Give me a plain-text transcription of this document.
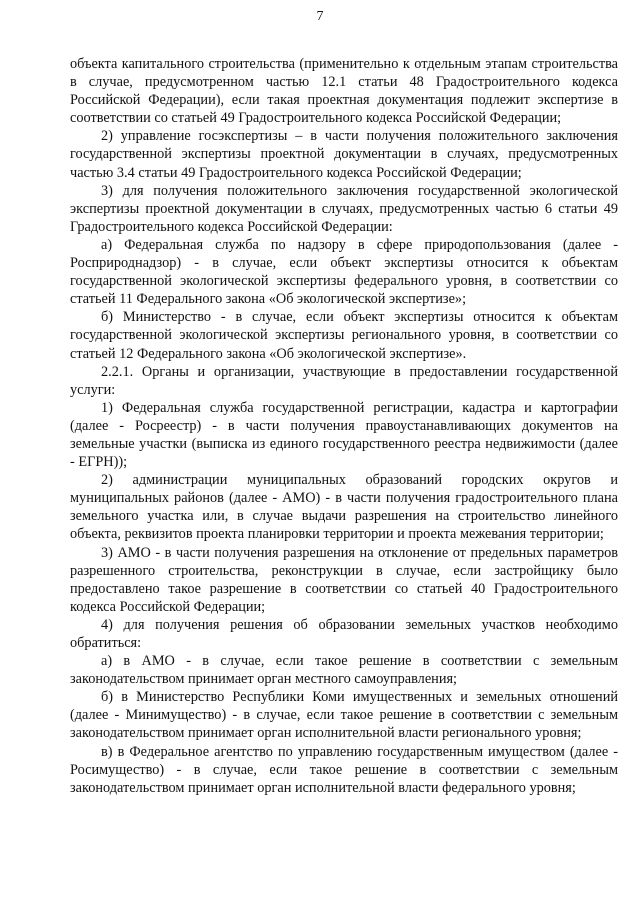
7

объекта капитального строительства (применительно к отдельным этапам строительства в случае, предусмотренном частью 12.1 статьи 48 Градостроительного кодекса Российской Федерации), если такая проектная документация подлежит экспертизе в соответствии со статьей 49 Градостроительного кодекса Российской Федерации;

2) управление госэкспертизы – в части получения положительного заключения государственной экспертизы проектной документации в случаях, предусмотренных частью 3.4 статьи 49 Градостроительного кодекса Российской Федерации;

3) для получения положительного заключения государственной экологической экспертизы проектной документации в случаях, предусмотренных частью 6 статьи 49 Градостроительного кодекса Российской Федерации:

а) Федеральная служба по надзору в сфере природопользования (далее - Росприроднадзор) - в случае, если объект экспертизы относится к объектам государственной экологической экспертизы федерального уровня, в соответствии со статьей 11 Федерального закона «Об экологической экспертизе»;

б) Министерство - в случае, если объект экспертизы относится к объектам государственной экологической экспертизы регионального уровня, в соответствии со статьей 12 Федерального закона «Об экологической экспертизе».

2.2.1. Органы и организации, участвующие в предоставлении государственной услуги:

1) Федеральная служба государственной регистрации, кадастра и картографии (далее - Росреестр) - в части получения правоустанавливающих документов на земельные участки (выписка из единого государственного реестра недвижимости (далее - ЕГРН));

2) администрации муниципальных образований городских округов и муниципальных районов (далее - АМО) - в части получения градостроительного плана земельного участка или, в случае выдачи разрешения на строительство линейного объекта, реквизитов проекта планировки территории и проекта межевания территории;

3) АМО - в части получения разрешения на отклонение от предельных параметров разрешенного строительства, реконструкции в случае, если застройщику было предоставлено такое разрешение в соответствии со статьей 40 Градостроительного кодекса Российской Федерации;

4) для получения решения об образовании земельных участков необходимо обратиться:

а) в АМО - в случае, если такое решение в соответствии с земельным законодательством принимает орган местного самоуправления;

б) в Министерство Республики Коми имущественных и земельных отношений (далее - Минимущество) - в случае, если такое решение в соответствии с земельным законодательством принимает орган исполнительной власти регионального уровня;

в) в Федеральное агентство по управлению государственным имуществом (далее - Росимущество) - в случае, если такое решение в соответствии с земельным законодательством принимает орган исполнительной власти федерального уровня;
